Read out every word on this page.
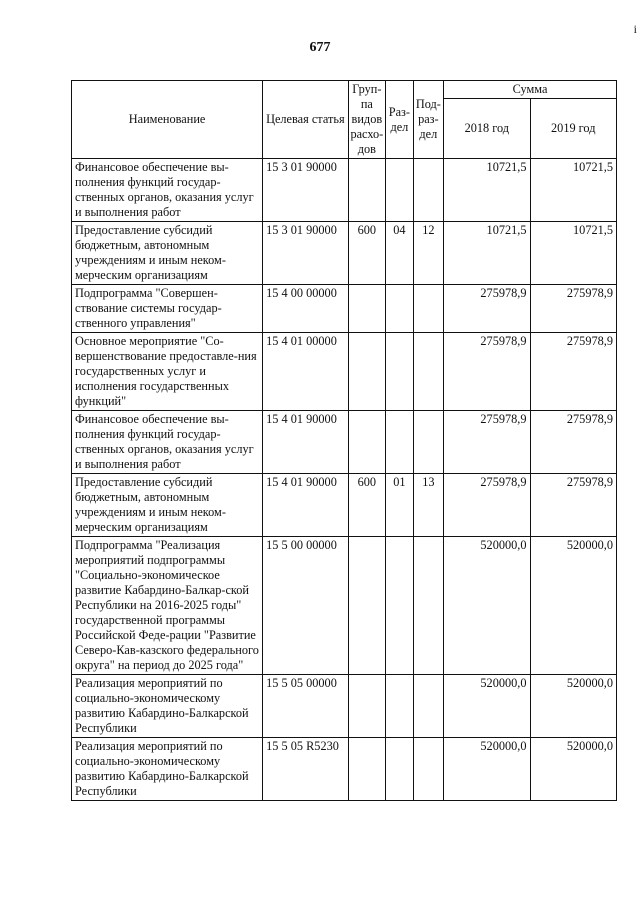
677
i
Наименование	Целевая статья	Груп-па видов расхо-дов	Раз-дел	Под-раз-дел	Сумма	
					2018 год	2019 год
Финансовое обеспечение вы-полнения функций государ-ственных органов, оказания услуг и выполнения работ	15 3 01 90000				10721,5	10721,5
Предоставление субсидий бюджетным, автономным учреждениям и иным неком-мерческим организациям	15 3 01 90000	600	04	12	10721,5	10721,5
Подпрограмма "Совершен-ствование системы государ-ственного управления"	15 4 00 00000				275978,9	275978,9
Основное мероприятие "Со-вершенствование предоставле-ния государственных услуг и исполнения государственных функций"	15 4 01 00000				275978,9	275978,9
Финансовое обеспечение вы-полнения функций государ-ственных органов, оказания услуг и выполнения работ	15 4 01 90000				275978,9	275978,9
Предоставление субсидий бюджетным, автономным учреждениям и иным неком-мерческим организациям	15 4 01 90000	600	01	13	275978,9	275978,9
Подпрограмма "Реализация мероприятий подпрограммы "Социально-экономическое развитие Кабардино-Балкар-ской Республики на 2016-2025 годы" государственной программы Российской Феде-рации "Развитие Северо-Кав-казского федерального округа" на период до 2025 года"	15 5 00 00000				520000,0	520000,0
Реализация мероприятий по социально-экономическому развитию Кабардино-Балкарской Республики	15 5 05 00000				520000,0	520000,0
Реализация мероприятий по социально-экономическому развитию Кабардино-Балкарской Республики	15 5 05 R5230				520000,0	520000,0
